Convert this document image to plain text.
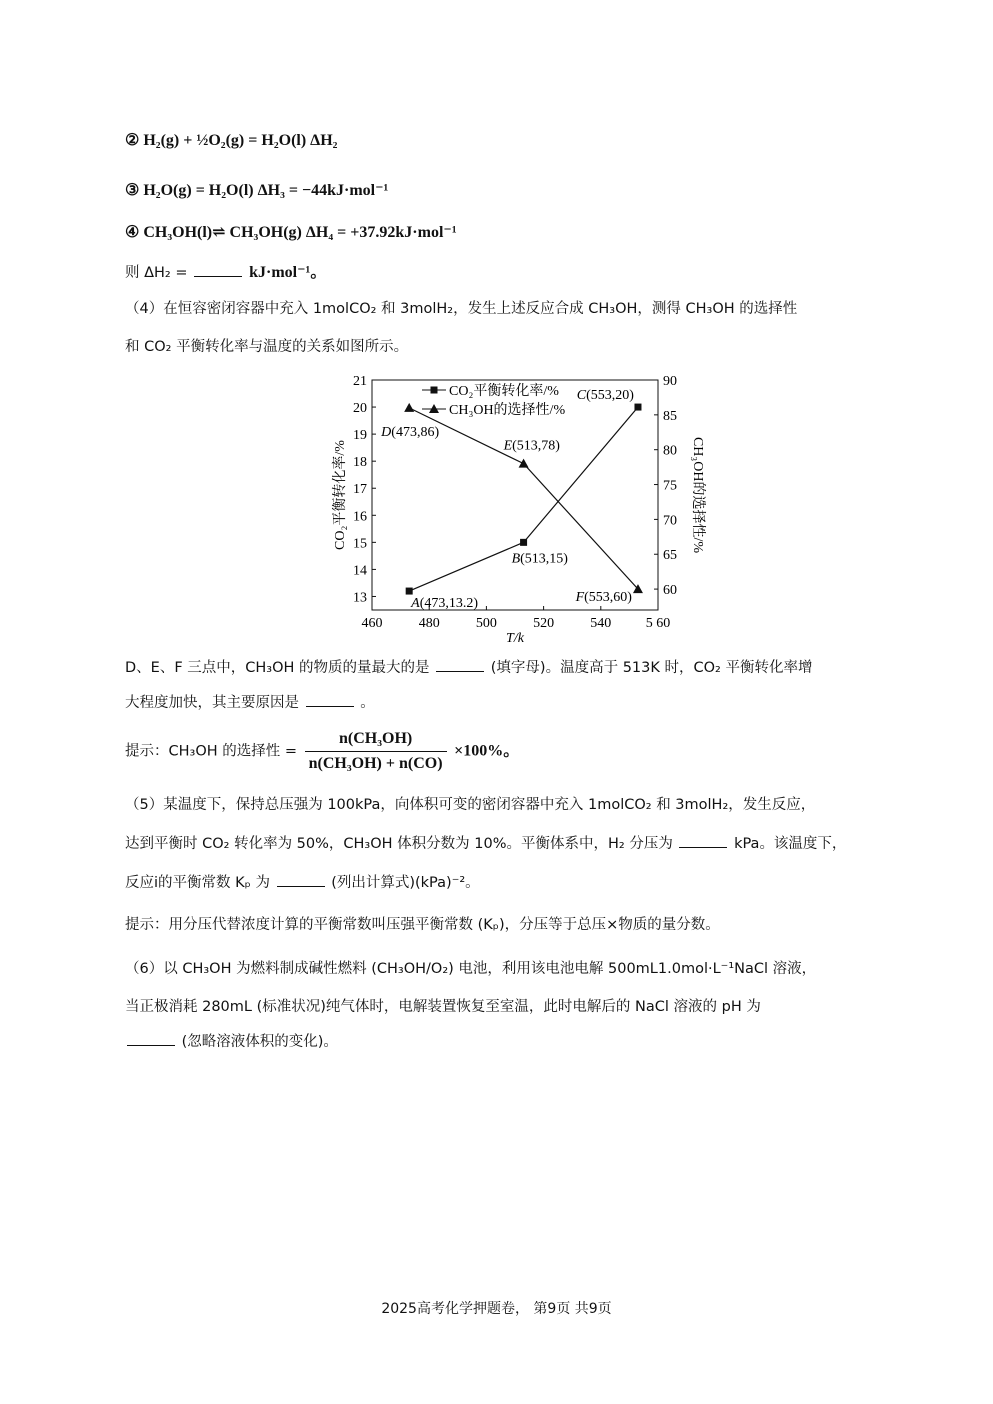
② H₂(g) + ½O₂(g) = H₂O(l) ΔH₂
③ H₂O(g) = H₂O(l) ΔH₃ = −44kJ·mol⁻¹
④ CH₃OH(l)⇌ CH₃OH(g) ΔH₄ = +37.92kJ·mol⁻¹
则 ΔH₂ =	kJ·mol⁻¹。
（4）在恒容密闭容器中充入 1molCO₂ 和 3molH₂，发生上述反应合成 CH₃OH，测得 CH₃OH 的选择性
和 CO₂ 平衡转化率与温度的关系如图所示。
460	480	500	520	540 5 60
13
14
15
16
17
18
19
20
21
60
65
70
75
80
85
90
A(473,13.2)
B(513,15)
C(553,20)
D(473,86)
E(513,78)
F(553,60)
CO₂平衡转化率/%
CH₃OH的选择性/%
T/k
CO₂平衡转化率/%	CH₃OH的选择性/%
D、E、F 三点中，CH₃OH 的物质的量最大的是	(填字母)。温度高于 513K 时，CO₂ 平衡转化率增
大程度加快，其主要原因是	。
提示：CH₃OH 的选择性 = $\frac{\text{n(CH₃OH)}}{\text{n(CH₃OH) + n(CO)}} \times 100\%$。
（5）某温度下，保持总压强为 100kPa，向体积可变的密闭容器中充入 1molCO₂ 和 3molH₂，发生反应，
达到平衡时 CO₂ 转化率为 50%，CH₃OH 体积分数为 10%。平衡体系中，H₂ 分压为	kPa。该温度下，
反应i的平衡常数 Kₚ 为	(列出计算式)(kPa)⁻²。
提示：用分压代替浓度计算的平衡常数叫压强平衡常数 (Kₚ)，分压等于总压×物质的量分数。
（6）以 CH₃OH 为燃料制成碱性燃料 (CH₃OH/O₂) 电池，利用该电池电解 500mL1.0mol·L⁻¹NaCl 溶液，
当正极消耗 280mL (标准状况)纯气体时，电解装置恢复至室温，此时电解后的 NaCl 溶液的 pH 为
(忽略溶液体积的变化)。
2025高考化学押题卷， 第9页 共9页
